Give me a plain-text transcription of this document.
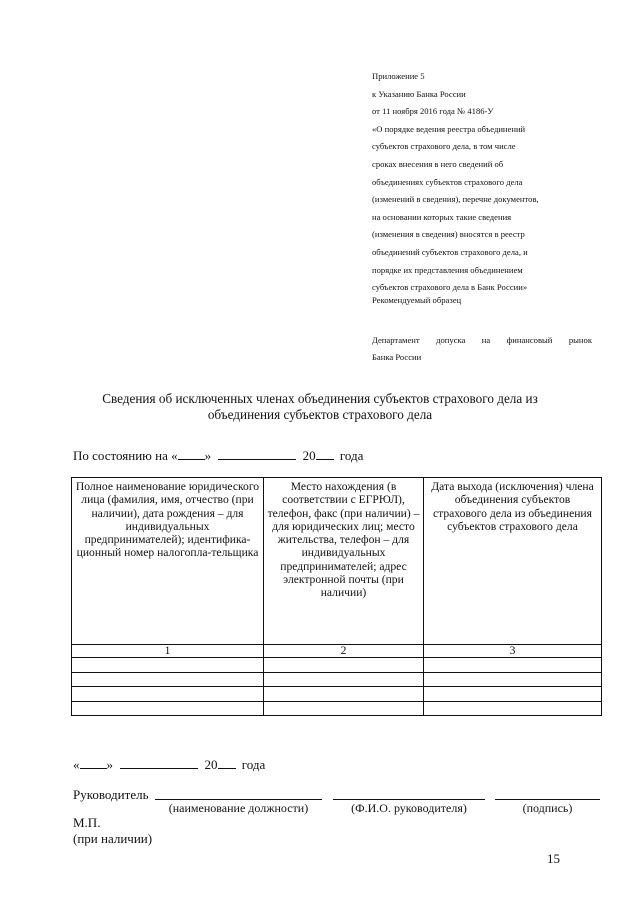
Приложение 5
к Указанию Банка России
от 11 ноября 2016 года № 4186-У
«О порядке ведения реестра объединений
субъектов страхового дела, в том числе
сроках внесения в него сведений об
объединениях субъектов страхового дела
(изменений в сведения), перечне документов,
на основании которых такие сведения
(изменения в сведения) вносятся в реестр
объединений субъектов страхового дела, и
порядке их представления объединением
субъектов страхового дела в Банк России»
Рекомендуемый образец
Департамент допуска на финансовый рынок
Банка России
Сведения об исключенных членах объединения субъектов страхового дела из
объединения субъектов страхового дела
По состоянию на « »	20 года
Полное наименование юридического лица (фамилия, имя, отчество (при наличии), дата рождения – для индивидуальных предпринимателей); идентифика-ционный номер налогопла-тельщика	Место нахождения (в соответствии с ЕГРЮЛ), телефон, факс (при наличии) – для юридических лиц; место жительства, телефон – для индивидуальных предпринимателей; адрес электронной почты (при наличии)	Дата выхода (исключения) члена объединения субъектов страхового дела из объединения субъектов страхового дела
1	2	3

« »	20 года
Руководитель
(наименование должности)	(Ф.И.О. руководителя)	(подпись)
М.П.
(при наличии)
15
